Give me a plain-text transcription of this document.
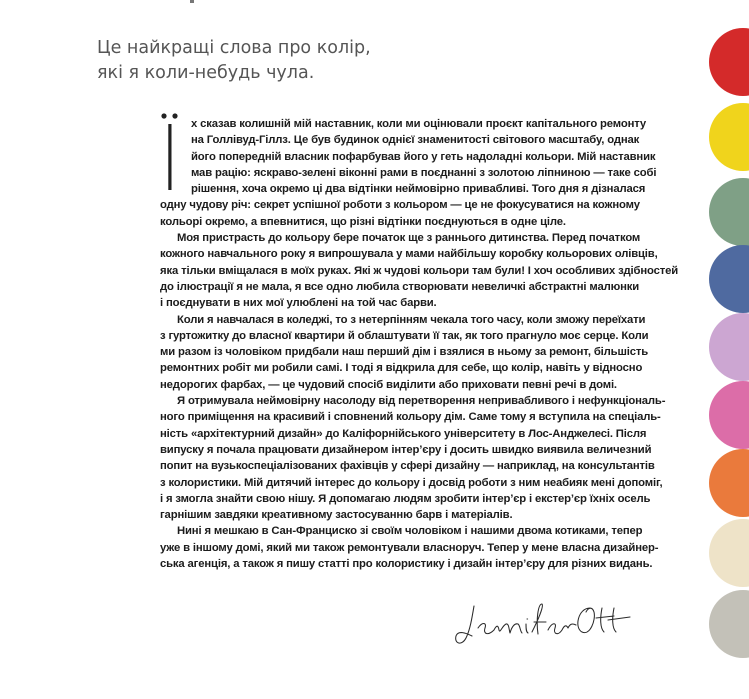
Це найкращі слова про колір,
які я коли-небудь чула.
Ї
х сказав колишній мій наставник, коли ми оцінювали проєкт капітального ремонту
на Голлівуд-Гіллз. Це був будинок однієї знаменитості світового масштабу, однак
його попередній власник пофарбував його у геть надоладні кольори. Мій наставник
мав рацію: яскраво-зелені віконні рами в поєднанні з золотою ліпниною — таке собі
рішення, хоча окремо ці два відтінки неймовірно привабливі. Того дня я дізналася
одну чудову річ: секрет успішної роботи з кольором — це не фокусуватися на кожному
кольорі окремо, а впевнитися, що різні відтінки поєднуються в одне ціле.
Моя пристрасть до кольору бере початок ще з раннього дитинства. Перед початком
кожного навчального року я випрошувала у мами найбільшу коробку кольорових олівців,
яка тільки вміщалася в моїх руках. Які ж чудові кольори там були! І хоч особливих здібностей
до ілюстрації я не мала, я все одно любила створювати невеличкі абстрактні малюнки
і поєднувати в них мої улюблені на той час барви.
Коли я навчалася в коледжі, то з нетерпінням чекала того часу, коли зможу переїхати
з гуртожитку до власної квартири й облаштувати її так, як того прагнуло моє серце. Коли
ми разом із чоловіком придбали наш перший дім і взялися в ньому за ремонт, більшість
ремонтних робіт ми робили самі. І тоді я відкрила для себе, що колір, навіть у відносно
недорогих фарбах, — це чудовий спосіб виділити або приховати певні речі в домі.
Я отримувала неймовірну насолоду від перетворення непривабливого і нефункціональ-
ного приміщення на красивий і сповнений кольору дім. Саме тому я вступила на спеціаль-
ність «архітектурний дизайн» до Каліфорнійського університету в Лос-Анджелесі. Після
випуску я почала працювати дизайнером інтер’єру і досить швидко виявила величезний
попит на вузькоспеціалізованих фахівців у сфері дизайну — наприклад, на консультантів
з колористики. Мій дитячий інтерес до кольору і досвід роботи з ним неабияк мені допоміг,
і я змогла знайти свою нішу. Я допомагаю людям зробити інтер’єр і екстер’єр їхніх осель
гарнішим завдяки креативному застосуванню барв і матеріалів.
Нині я мешкаю в Сан-Франциско зі своїм чоловіком і нашими двома котиками, тепер
уже в іншому домі, який ми також ремонтували власноруч. Тепер у мене власна дизайнер-
ська агенція, а також я пишу статті про колористику і дизайн інтер’єру для різних видань.
Jennifer Ott
